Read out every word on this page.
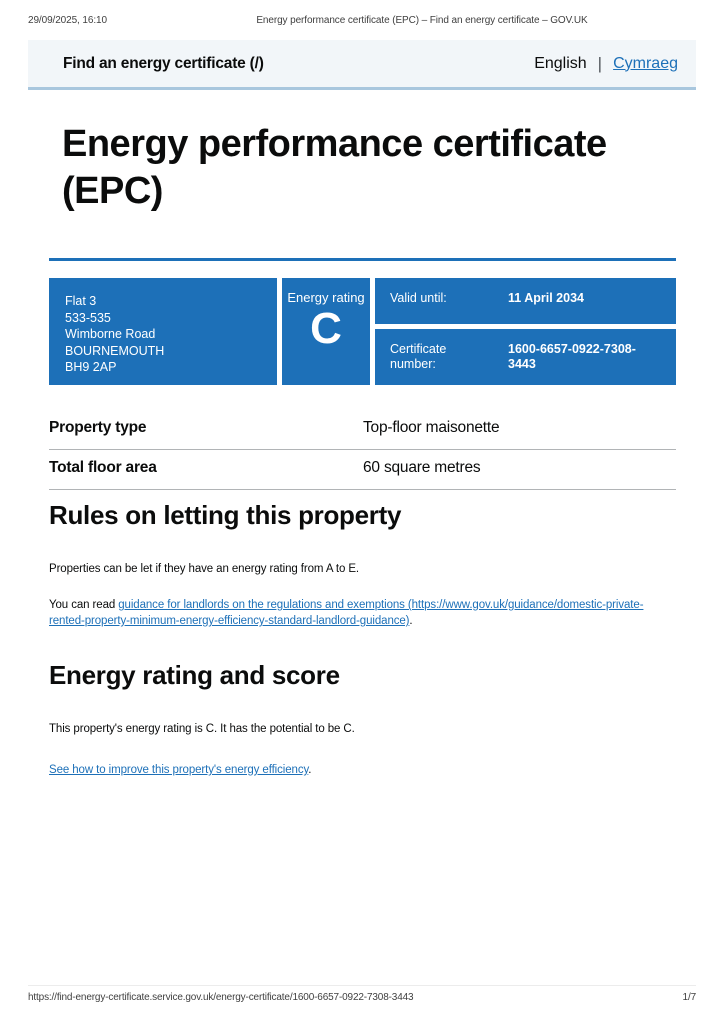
29/09/2025, 16:10	Energy performance certificate (EPC) – Find an energy certificate – GOV.UK
Find an energy certificate (/)	English | Cymraeg
Energy performance certificate (EPC)
Flat 3
533-535
Wimborne Road
BOURNEMOUTH
BH9 2AP
Energy rating
C
Valid until:	11 April 2034
Certificate number:
1600-6657-0922-7308-3443
Property type	Top-floor maisonette
Total floor area	60 square metres
Rules on letting this property

Properties can be let if they have an energy rating from A to E.

You can read guidance for landlords on the regulations and exemptions (https://www.gov.uk/guidance/domestic-private-
rented-property-minimum-energy-efficiency-standard-landlord-guidance).

Energy rating and score

This property's energy rating is C. It has the potential to be C.

See how to improve this property's energy efficiency.

https://find-energy-certificate.service.gov.uk/energy-certificate/1600-6657-0922-7308-3443	1/7
